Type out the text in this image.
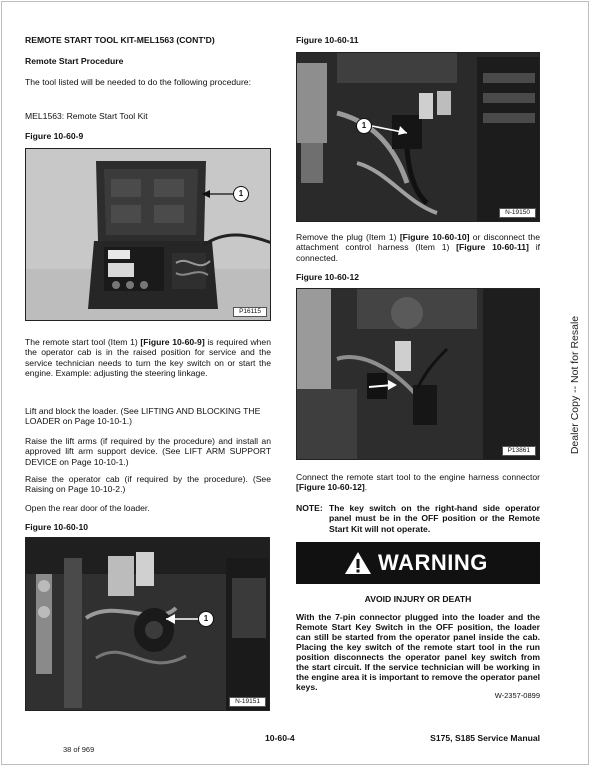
REMOTE START TOOL KIT-MEL1563 (CONT'D)
Remote Start Procedure

The tool listed will be needed to do the following procedure:

MEL1563: Remote Start Tool Kit

Figure 10-60-9
1
P16115

The remote start tool (Item 1) [Figure 10-60-9] is required when the operator cab is in the raised position for service and the service technician needs to turn the key switch on or start the engine. Example: adjusting the steering linkage.

Lift and block the loader. (See LIFTING AND BLOCKING THE LOADER on Page 10-10-1.)

Raise the lift arms (if required by the procedure) and install an approved lift arm support device. (See LIFT ARM SUPPORT DEVICE on Page 10-10-1.)

Raise the operator cab (if required by the procedure). (See Raising on Page 10-10-2.)

Open the rear door of the loader.

Figure 10-60-10
1
N-19151
Figure 10-60-11
1
N-19150

Remove the plug (Item 1) [Figure 10-60-10] or disconnect the attachment control harness (Item 1) [Figure 10-60-11] if connected.

Figure 10-60-12
P13861

Connect the remote start tool to the engine harness connector [Figure 10-60-12].

NOTE: The key switch on the right-hand side operator panel must be in the OFF position or the Remote Start Kit will not operate.
WARNING
AVOID INJURY OR DEATH

With the 7-pin connector plugged into the loader and the Remote Start Key Switch in the OFF position, the loader can still be started from the operator panel inside the cab. Placing the key switch of the remote start tool in the run position disconnects the operator panel key switch from the start circuit. If the service technician will be working in the engine area it is important to remove the operator panel keys.

W-2357-0899
Dealer Copy -- Not for Resale
10-60-4	S175, S185 Service Manual
38 of 969
